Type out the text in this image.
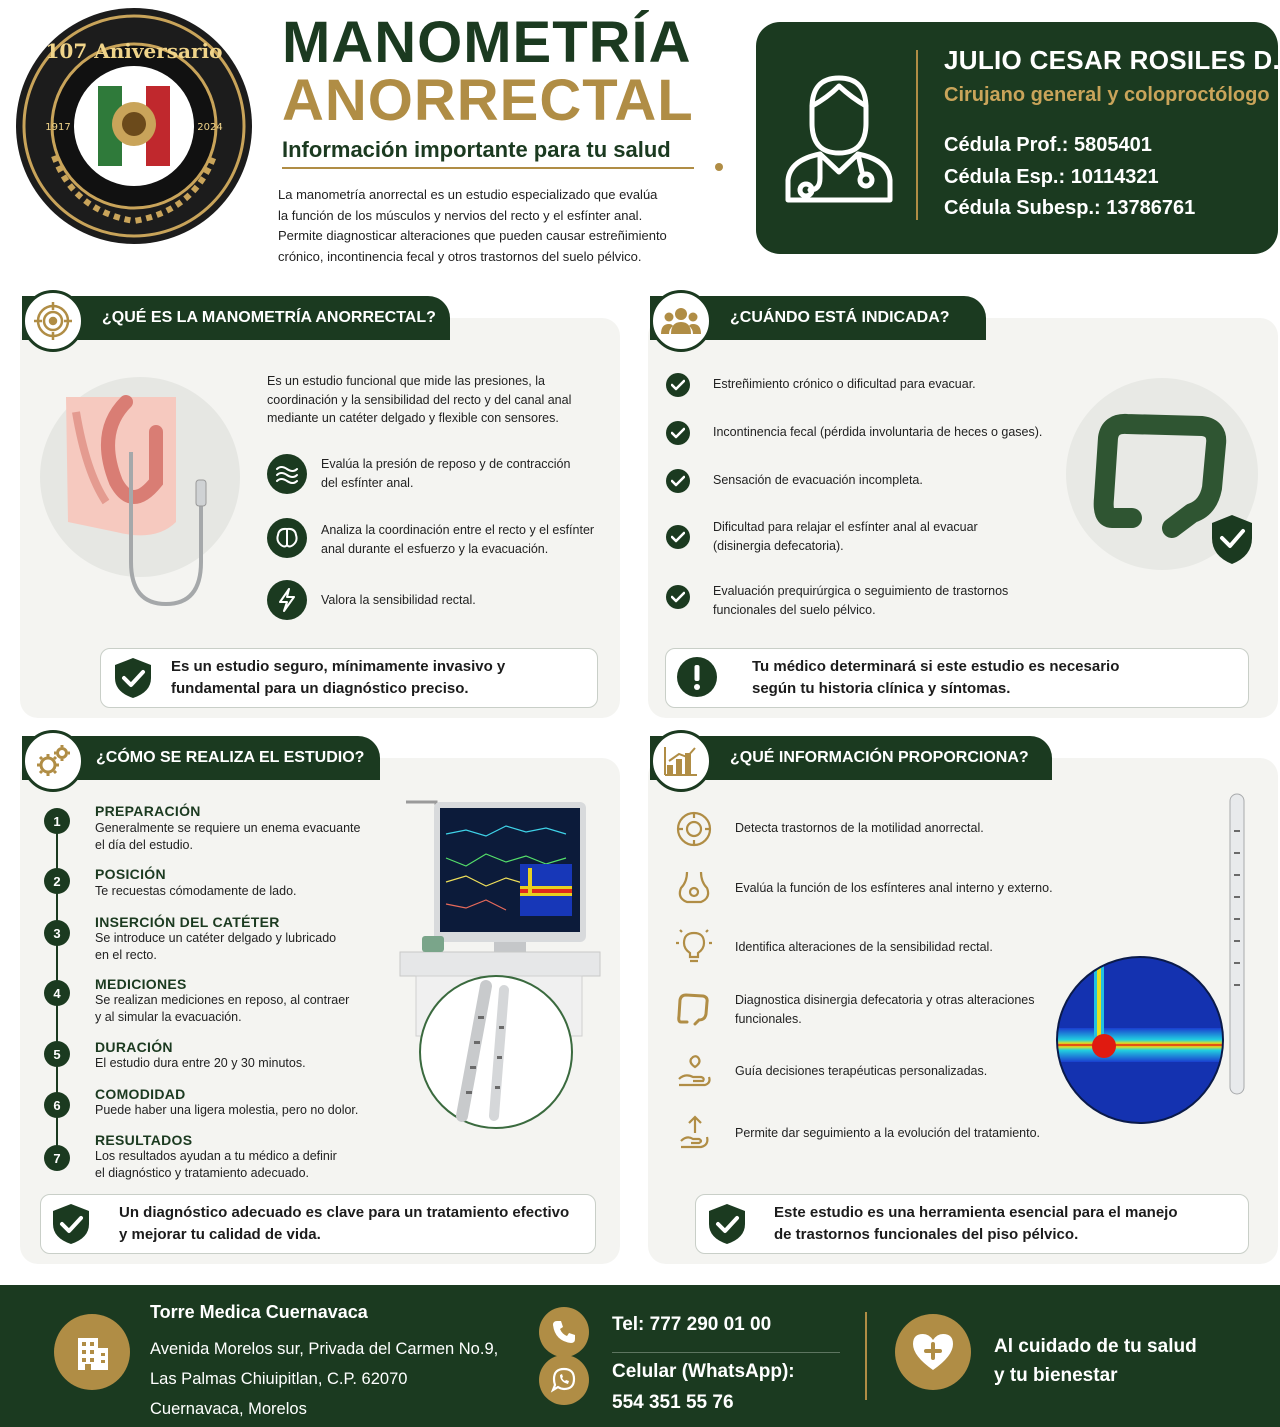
107 Aniversario
1917	2024
MANOMETRÍA
ANORRECTAL
Información importante para tu salud
La manometría anorrectal es un estudio especializado que evalúa
la función de los músculos y nervios del recto y el esfínter anal.
Permite diagnosticar alteraciones que pueden causar estreñimiento
crónico, incontinencia fecal y otros trastornos del suelo pélvico.
JULIO CESAR ROSILES D.
Cirujano general y coloproctólogo
Cédula Prof.: 5805401
Cédula Esp.: 10114321
Cédula Subesp.: 13786761
¿QUÉ ES LA MANOMETRÍA ANORRECTAL?
Es un estudio funcional que mide las presiones, la
coordinación y la sensibilidad del recto y del canal anal
mediante un catéter delgado y flexible con sensores.
Evalúa la presión de reposo y de contracción
del esfínter anal.
Analiza la coordinación entre el recto y el esfínter
anal durante el esfuerzo y la evacuación.
Valora la sensibilidad rectal.
Es un estudio seguro, mínimamente invasivo y
fundamental para un diagnóstico preciso.
¿CUÁNDO ESTÁ INDICADA?
Estreñimiento crónico o dificultad para evacuar.
Incontinencia fecal (pérdida involuntaria de heces o gases).
Sensación de evacuación incompleta.
Dificultad para relajar el esfínter anal al evacuar
(disinergia defecatoria).
Evaluación prequirúrgica o seguimiento de trastornos
funcionales del suelo pélvico.
Tu médico determinará si este estudio es necesario
según tu historia clínica y síntomas.
¿CÓMO SE REALIZA EL ESTUDIO?
1
PREPARACIÓN
Generalmente se requiere un enema evacuante
el día del estudio.
2	POSICIÓN
Te recuestas cómodamente de lado.
3
INSERCIÓN DEL CATÉTER
Se introduce un catéter delgado y lubricado
en el recto.
4
MEDICIONES
Se realizan mediciones en reposo, al contraer
y al simular la evacuación.
5	DURACIÓN
El estudio dura entre 20 y 30 minutos.
6
COMODIDAD
Puede haber una ligera molestia, pero no dolor.
7
RESULTADOS
Los resultados ayudan a tu médico a definir
el diagnóstico y tratamiento adecuado.
Un diagnóstico adecuado es clave para un tratamiento efectivo
y mejorar tu calidad de vida.
¿QUÉ INFORMACIÓN PROPORCIONA?
Detecta trastornos de la motilidad anorrectal.
Evalúa la función de los esfínteres anal interno y externo.
Identifica alteraciones de la sensibilidad rectal.
Diagnostica disinergia defecatoria y otras alteraciones
funcionales.
Guía decisiones terapéuticas personalizadas.
Permite dar seguimiento a la evolución del tratamiento.
Este estudio es una herramienta esencial para el manejo
de trastornos funcionales del piso pélvico.
Torre Medica Cuernavaca
Avenida Morelos sur, Privada del Carmen No.9,
Las Palmas Chiuipitlan, C.P. 62070
Cuernavaca, Morelos
Tel: 777 290 01 00
Celular (WhatsApp):
554 351 55 76
Al cuidado de tu salud
y tu bienestar
